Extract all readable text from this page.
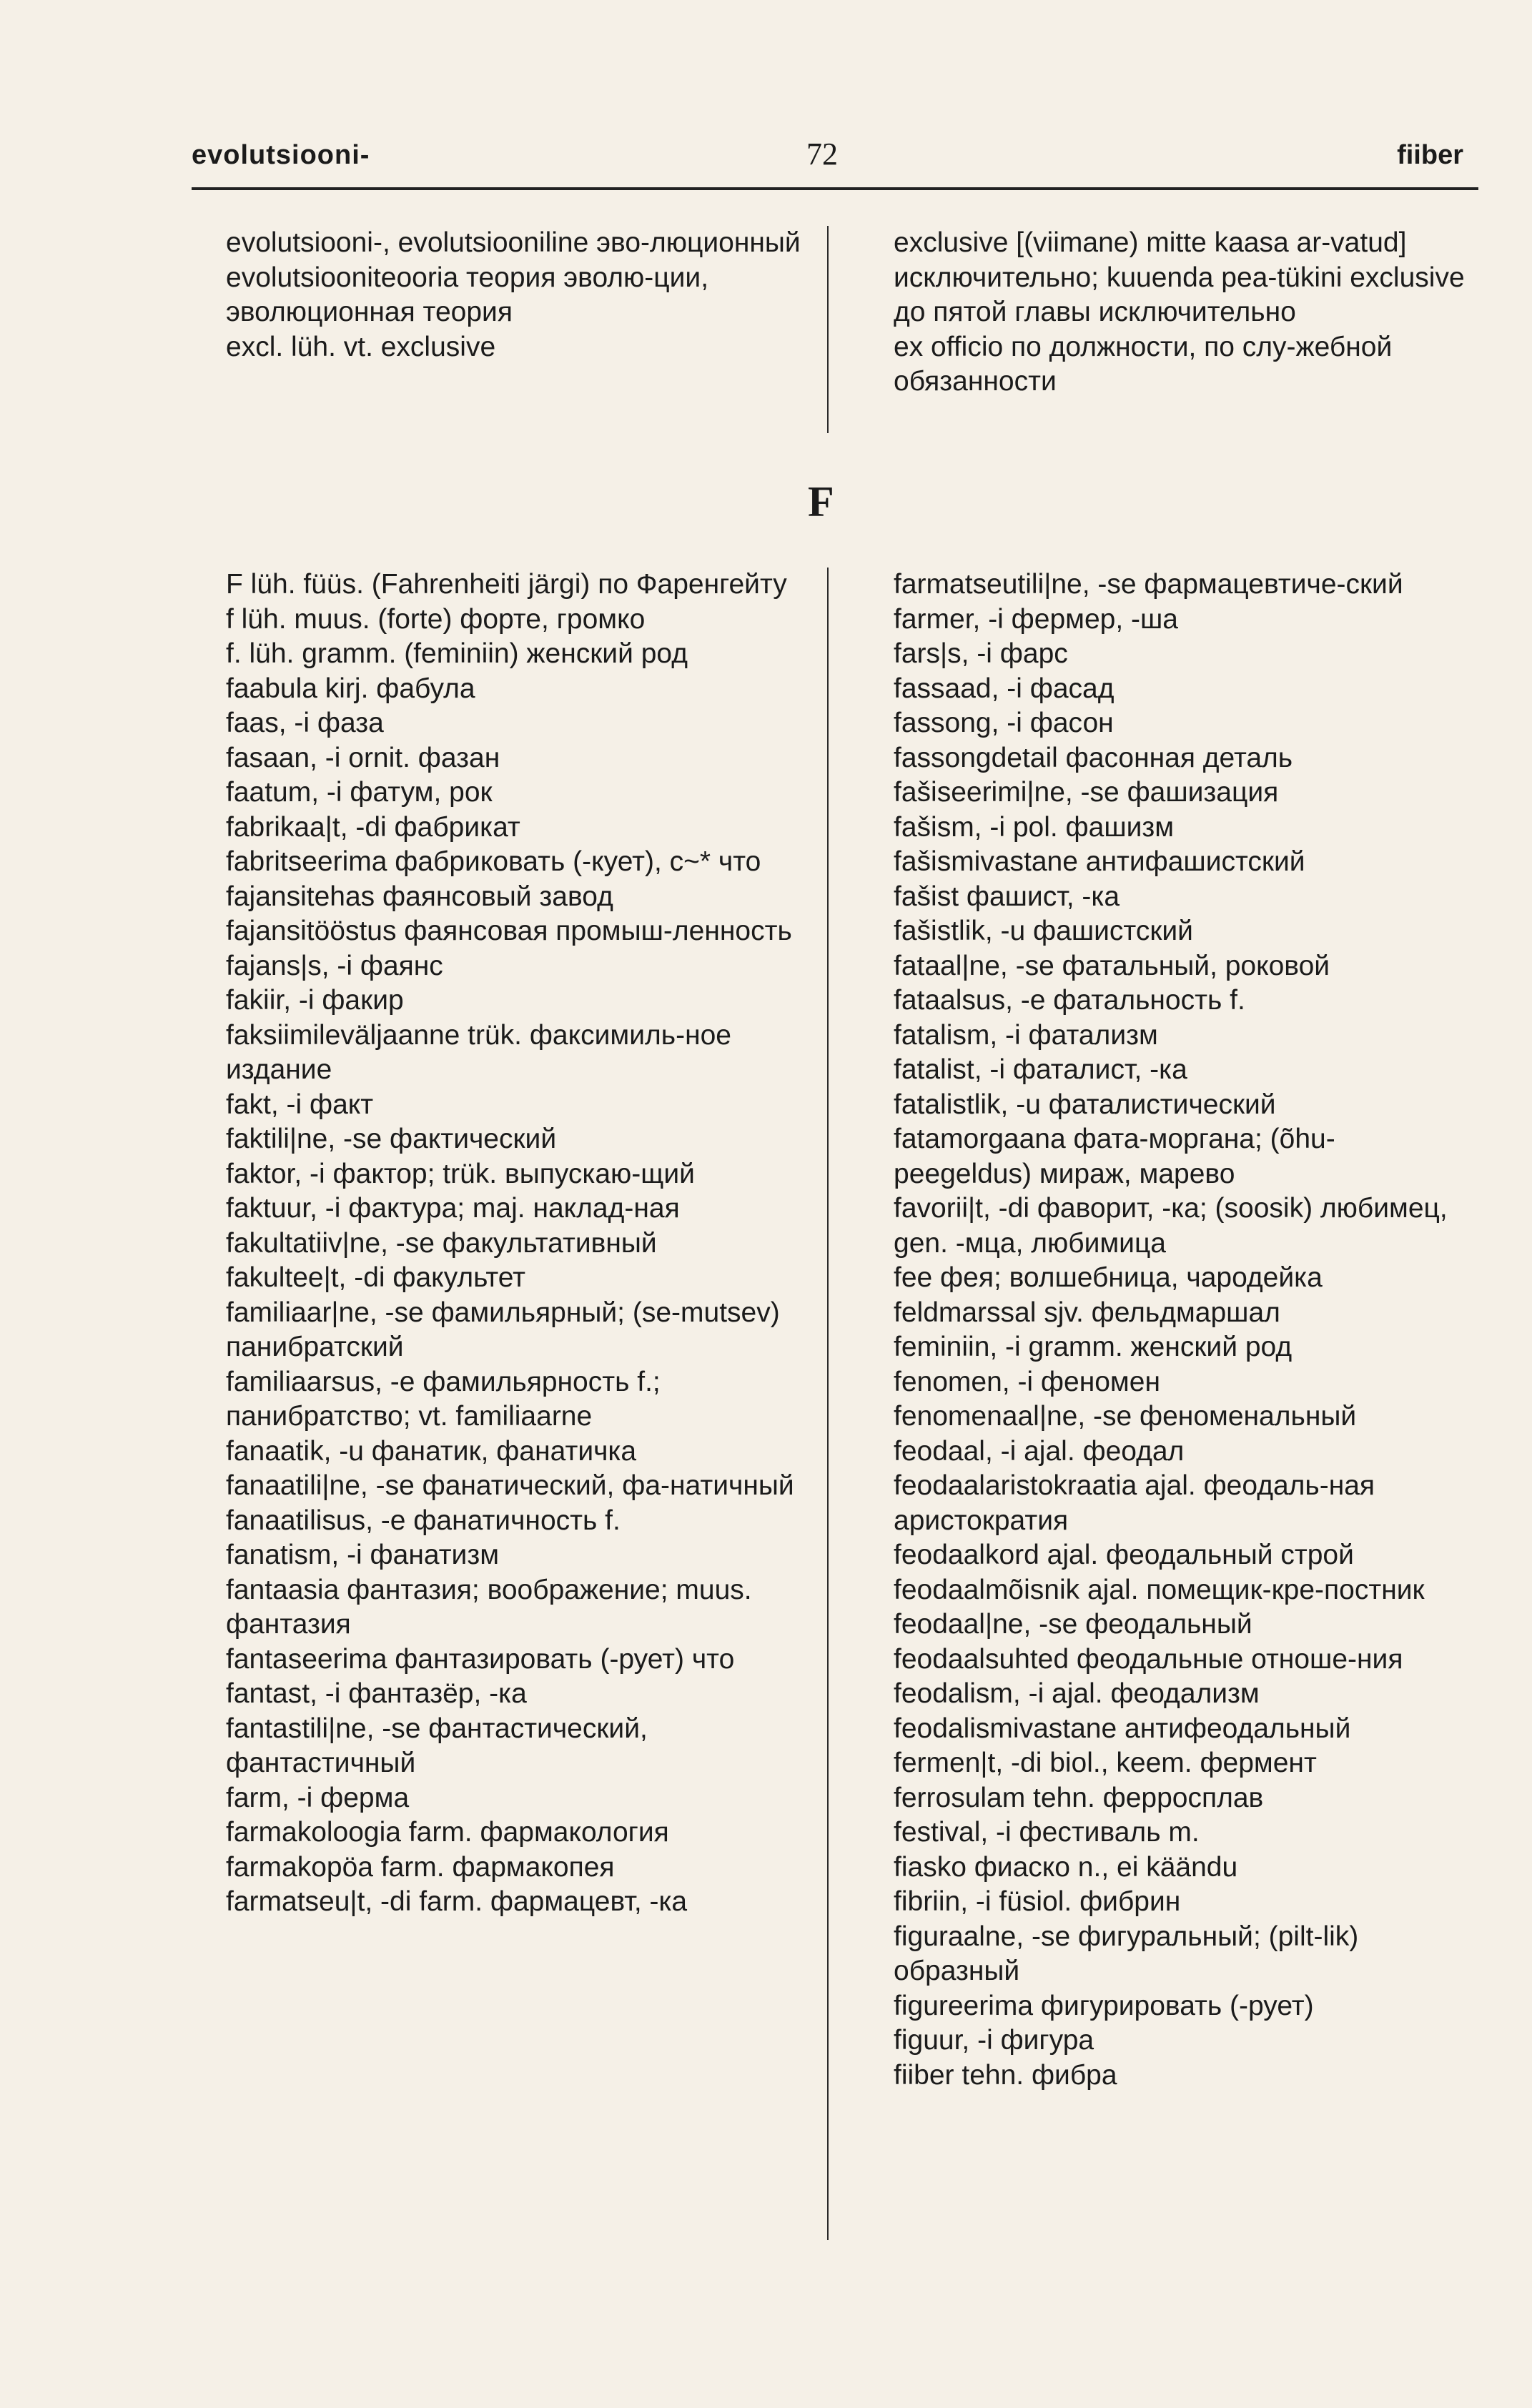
evolutsiooni-	72	fiiber

evolutsiooni-, evolutsiooniline эво-люционный

evolutsiooniteooria теория эволю-ции, эволюционная теория

excl. lüh. vt. exclusive

exclusive [(viimane) mitte kaasa ar-vatud] исключительно; kuuenda pea-tükini exclusive до пятой главы исключительно

ex officio по должности, по слу-жебной обязанности

F

F lüh. füüs. (Fahrenheiti järgi) по Фаренгейту

f lüh. muus. (forte) форте, громко

f. lüh. gramm. (feminiin) женский род

faabula kirj. фабула

faas, -i фаза

fasaan, -i ornit. фазан

faatum, -i фатум, рок

fabrikaa|t, -di фабрикат

fabritseerima фабриковать (-кует), c~* что

fajansitehas фаянсовый завод

fajansitööstus фаянсовая промыш-ленность

fajans|s, -i фаянс

fakiir, -i факир

faksiimileväljaanne trük. факсимиль-ное издание

fakt, -i факт

faktili|ne, -se фактический

faktor, -i фактор; trük. выпускаю-щий

faktuur, -i фактура; maj. наклад-ная

fakultatiiv|ne, -se факультативный

fakultee|t, -di факультет

familiaar|ne, -se фамильярный; (se-mutsev) панибратский

familiaarsus, -e фамильярность f.; панибратство; vt. familiaarne

fanaatik, -u фанатик, фанатичка

fanaatili|ne, -se фанатический, фа-натичный

fanaatilisus, -e фанатичность f.

fanatism, -i фанатизм

fantaasia фантазия; воображение; muus. фантазия

fantaseerima фантазировать (-рует) что

fantast, -i фантазёр, -ка

fantastili|ne, -se фантастический, фантастичный

farm, -i ферма

farmakoloogia farm. фармакология

farmakopöa farm. фармакопея

farmatseu|t, -di farm. фармацевт, -ка

farmatseutili|ne, -se фармацевтиче-ский

farmer, -i фермер, -ша

fars|s, -i фарс

fassaad, -i фасад

fassong, -i фасон

fassongdetail фасонная деталь

fašiseerimi|ne, -se фашизация

fašism, -i pol. фашизм

fašismivastane антифашистский

fašist фашист, -ка

fašistlik, -u фашистский

fataal|ne, -se фатальный, роковой

fataalsus, -e фатальность f.

fatalism, -i фатализм

fatalist, -i фаталист, -ка

fatalistlik, -u фаталистический

fatamorgaana фата-моргана; (õhu-peegeldus) мираж, марево

favorii|t, -di фаворит, -ка; (soosik) любимец, gen. -мца, любимица

fee фея; волшебница, чародейка

feldmarssal sjv. фельдмаршал

feminiin, -i gramm. женский род

fenomen, -i феномен

fenomenaal|ne, -se феноменальный

feodaal, -i ajal. феодал

feodaalaristokraatia ajal. феодаль-ная аристократия

feodaalkord ajal. феодальный строй

feodaalmõisnik ajal. помещик-кре-постник

feodaal|ne, -se феодальный

feodaalsuhted феодальные отноше-ния

feodalism, -i ajal. феодализм

feodalismivastane антифеодальный

fermen|t, -di biol., keem. фермент

ferrosulam tehn. ферросплав

festival, -i фестиваль m.

fiasko фиаско n., ei käändu

fibriin, -i füsiol. фибрин

figuraalne, -se фигуральный; (pilt-lik) образный

figureerima фигурировать (-рует)

figuur, -i фигура

fiiber tehn. фибра
